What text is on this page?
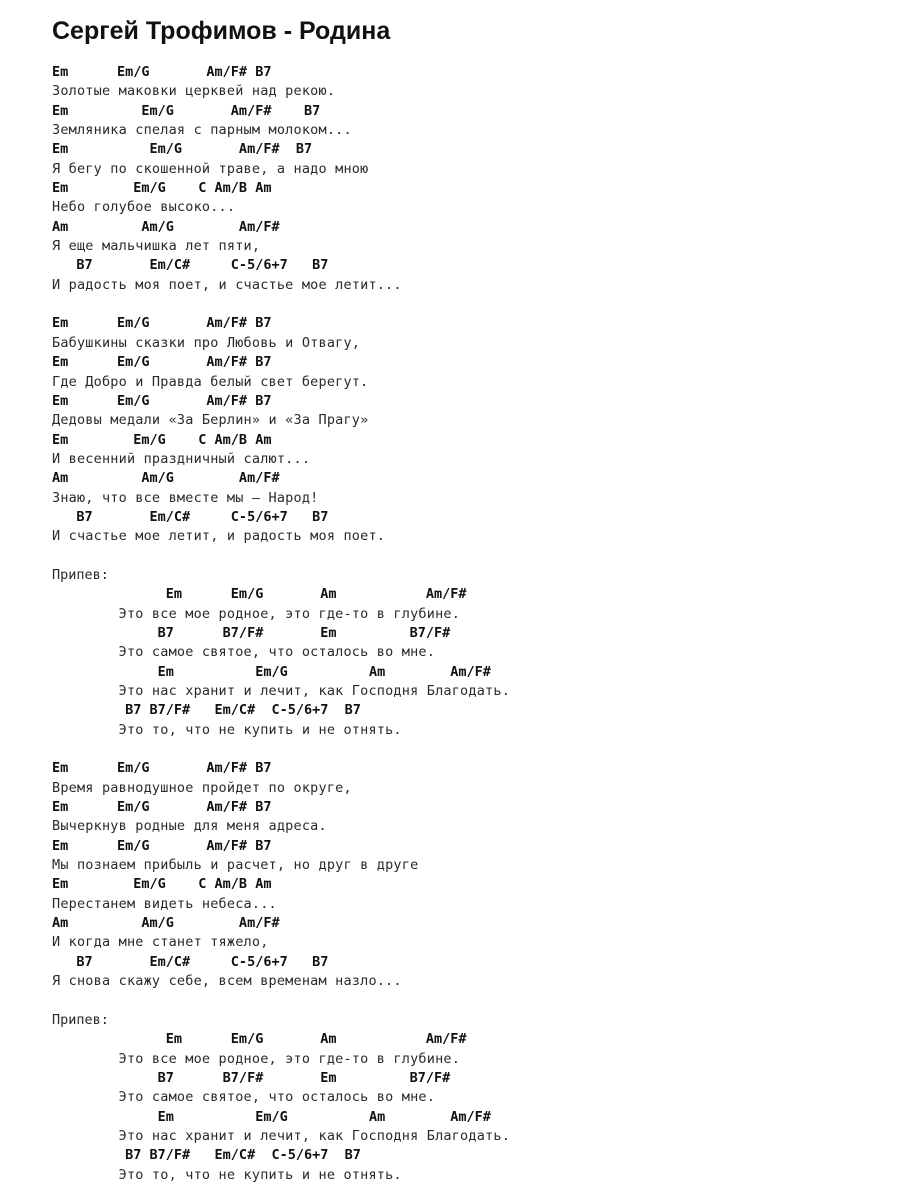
Сергей Трофимов - Родина
Em      Em/G       Am/F# B7
Золотые маковки церквей над рекою.
Em         Em/G       Am/F#    B7
Земляника спелая с парным молоком...
Em          Em/G       Am/F#  B7
Я бегу по скошенной траве, а надо мною
Em        Em/G    C Am/B Am
Небо голубое высоко...
Am         Am/G        Am/F#
Я еще мальчишка лет пяти,
B7       Em/C#     C-5/6+7   B7
И радость моя поет, и счастье мое летит...
Em      Em/G       Am/F# B7
Бабушкины сказки про Любовь и Отвагу,
Em      Em/G       Am/F# B7
Где Добро и Правда белый свет берегут.
Em      Em/G       Am/F# B7
Дедовы медали «За Берлин» и «За Прагу»
Em        Em/G    C Am/B Am
И весенний праздничный салют...
Am         Am/G        Am/F#
Знаю, что все вместе мы — Народ!
B7       Em/C#     C-5/6+7   B7
И счастье мое летит, и радость моя поет.
Припев:
Em      Em/G       Am           Am/F#
Это все мое родное, это где-то в глубине.
B7      B7/F#       Em         B7/F#
Это самое святое, что осталось во мне.
Em          Em/G          Am        Am/F#
Это нас хранит и лечит, как Господня Благодать.
B7 B7/F#   Em/C#  C-5/6+7  B7
Это то, что не купить и не отнять.
Em      Em/G       Am/F# B7
Время равнодушное пройдет по округе,
Em      Em/G       Am/F# B7
Вычеркнув родные для меня адреса.
Em      Em/G       Am/F# B7
Мы познаем прибыль и расчет, но друг в друге
Em        Em/G    C Am/B Am
Перестанем видеть небеса...
Am         Am/G        Am/F#
И когда мне станет тяжело,
B7       Em/C#     C-5/6+7   B7
Я снова скажу себе, всем временам назло...
Припев:
Em      Em/G       Am           Am/F#
Это все мое родное, это где-то в глубине.
B7      B7/F#       Em         B7/F#
Это самое святое, что осталось во мне.
Em          Em/G          Am        Am/F#
Это нас хранит и лечит, как Господня Благодать.
B7 B7/F#   Em/C#  C-5/6+7  B7
Это то, что не купить и не отнять.
